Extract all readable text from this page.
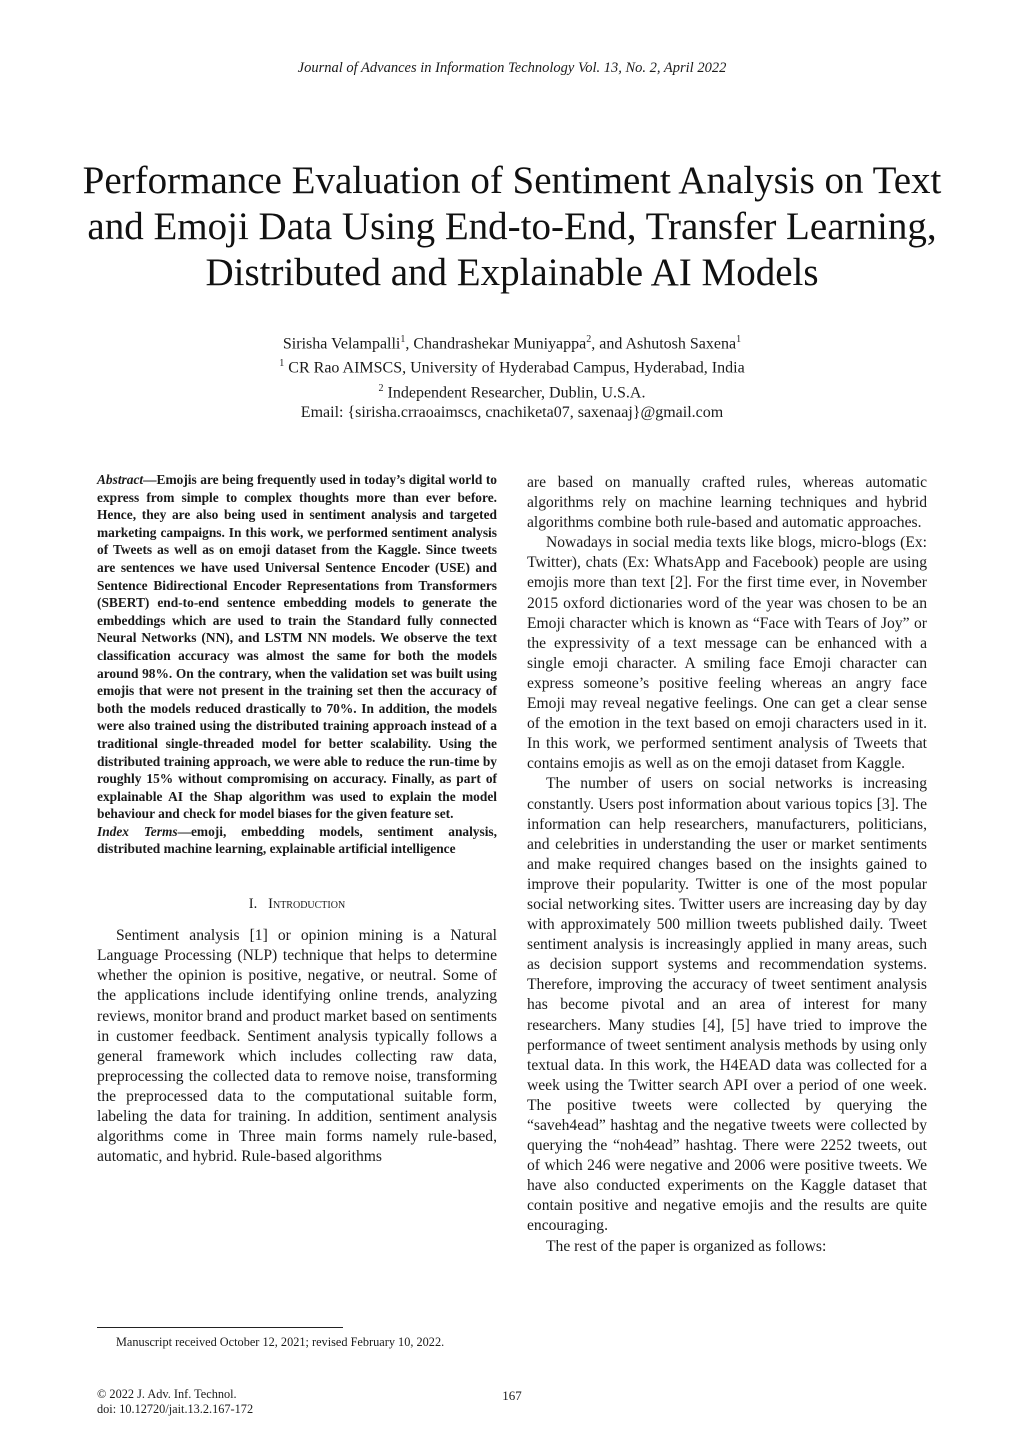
Journal of Advances in Information Technology Vol. 13, No. 2, April 2022
Performance Evaluation of Sentiment Analysis on Text and Emoji Data Using End-to-End, Transfer Learning, Distributed and Explainable AI Models
Sirisha Velampalli$^1$, Chandrashekar Muniyappa$^2$, and Ashutosh Saxena$^1$
$^1$ CR Rao AIMSCS, University of Hyderabad Campus, Hyderabad, India
$^2$ Independent Researcher, Dublin, U.S.A.
Email: {sirisha.crraoaimscs, cnachiketa07, saxenaaj}@gmail.com

Abstract—Emojis are being frequently used in today’s digital world to express from simple to complex thoughts more than ever before. Hence, they are also being used in sentiment analysis and targeted marketing campaigns. In this work, we performed sentiment analysis of Tweets as well as on emoji dataset from the Kaggle. Since tweets are sentences we have used Universal Sentence Encoder (USE) and Sentence Bidirectional Encoder Representations from Transformers (SBERT) end-to-end sentence embedding models to generate the embeddings which are used to train the Standard fully connected Neural Networks (NN), and LSTM NN models. We observe the text classification accuracy was almost the same for both the models around 98%. On the contrary, when the validation set was built using emojis that were not present in the training set then the accuracy of both the models reduced drastically to 70%. In addition, the models were also trained using the distributed training approach instead of a traditional single-threaded model for better scalability. Using the distributed training approach, we were able to reduce the run-time by roughly 15% without compromising on accuracy. Finally, as part of explainable AI the Shap algorithm was used to explain the model behaviour and check for model biases for the given feature set.

Index Terms—emoji, embedding models, sentiment analysis, distributed machine learning, explainable artificial intelligence

I. Introduction

Sentiment analysis [1] or opinion mining is a Natural Language Processing (NLP) technique that helps to determine whether the opinion is positive, negative, or neutral. Some of the applications include identifying online trends, analyzing reviews, monitor brand and product market based on sentiments in customer feedback. Sentiment analysis typically follows a general framework which includes collecting raw data, preprocessing the collected data to remove noise, transforming the preprocessed data to the computational suitable form, labeling the data for training. In addition, sentiment analysis algorithms come in Three main forms namely rule-based, automatic, and hybrid. Rule-based algorithms

are based on manually crafted rules, whereas automatic algorithms rely on machine learning techniques and hybrid algorithms combine both rule-based and automatic approaches.

Nowadays in social media texts like blogs, micro-blogs (Ex: Twitter), chats (Ex: WhatsApp and Facebook) people are using emojis more than text [2]. For the first time ever, in November 2015 oxford dictionaries word of the year was chosen to be an Emoji character which is known as “Face with Tears of Joy” or the expressivity of a text message can be enhanced with a single emoji character. A smiling face Emoji character can express someone’s positive feeling whereas an angry face Emoji may reveal negative feelings. One can get a clear sense of the emotion in the text based on emoji characters used in it. In this work, we performed sentiment analysis of Tweets that contains emojis as well as on the emoji dataset from Kaggle.

The number of users on social networks is increasing constantly. Users post information about various topics [3]. The information can help researchers, manufacturers, politicians, and celebrities in understanding the user or market sentiments and make required changes based on the insights gained to improve their popularity. Twitter is one of the most popular social networking sites. Twitter users are increasing day by day with approximately 500 million tweets published daily. Tweet sentiment analysis is increasingly applied in many areas, such as decision support systems and recommendation systems. Therefore, improving the accuracy of tweet sentiment analysis has become pivotal and an area of interest for many researchers. Many studies [4], [5] have tried to improve the performance of tweet sentiment analysis methods by using only textual data. In this work, the H4EAD data was collected for a week using the Twitter search API over a period of one week. The positive tweets were collected by querying the “saveh4ead” hashtag and the negative tweets were collected by querying the “noh4ead” hashtag. There were 2252 tweets, out of which 246 were negative and 2006 were positive tweets. We have also conducted experiments on the Kaggle dataset that contain positive and negative emojis and the results are quite encouraging.

The rest of the paper is organized as follows:

Manuscript received October 12, 2021; revised February 10, 2022.
© 2022 J. Adv. Inf. Technol.
doi: 10.12720/jait.13.2.167-172
167
